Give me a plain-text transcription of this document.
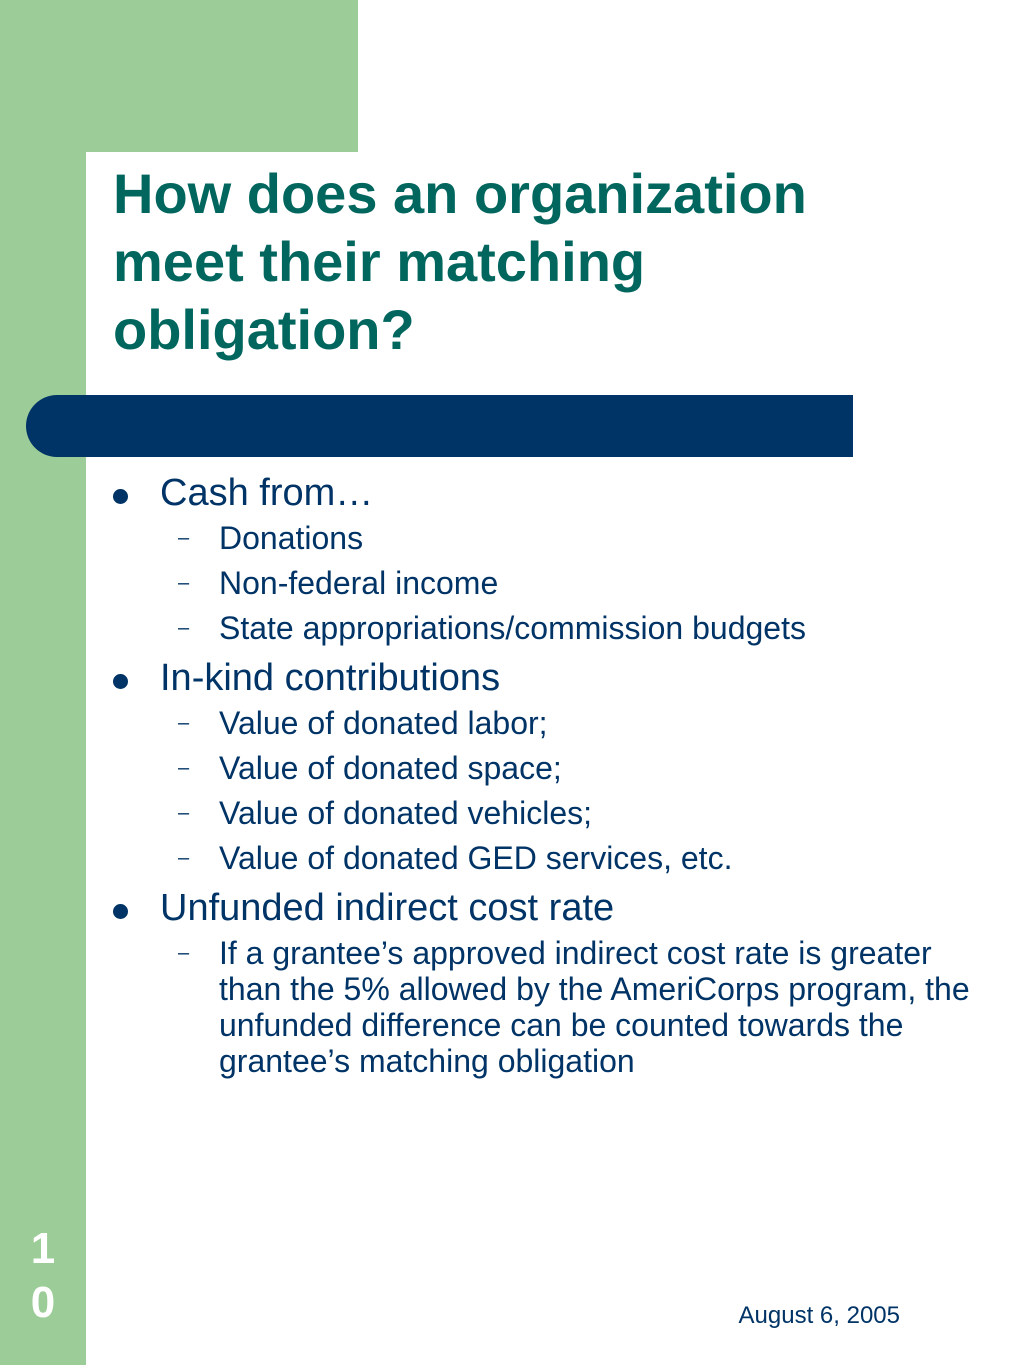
How does an organization
meet their matching
obligation?
Cash from…
– Donations
– Non-federal income
– State appropriations/commission budgets
In-kind contributions
– Value of donated labor;
– Value of donated space;
– Value of donated vehicles;
– Value of donated GED services, etc.
Unfunded indirect cost rate
– If a grantee’s approved indirect cost rate is greater than the 5% allowed by the AmeriCorps program, the unfunded difference can be counted towards the grantee’s matching obligation
1
0	August 6, 2005
